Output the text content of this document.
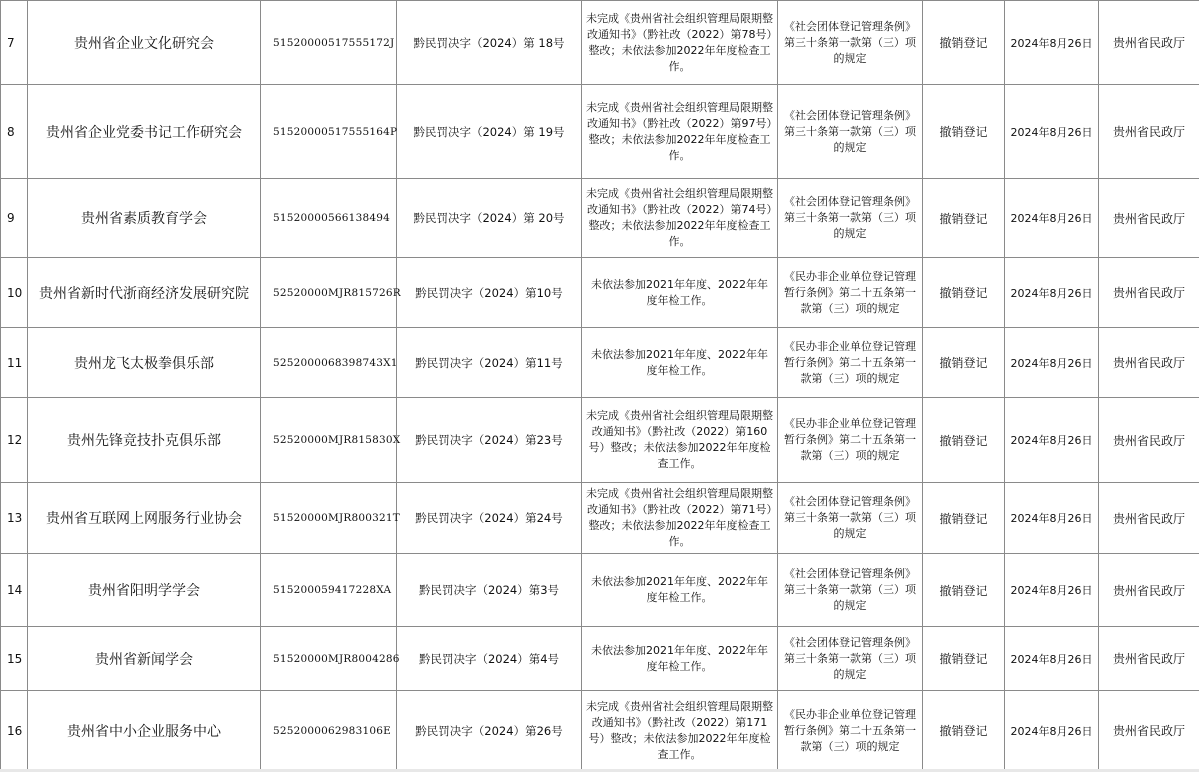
7	贵州省企业文化研究会	51520000517555172J	黔民罚决字（2024）第 18号	未完成《贵州省社会组织管理局限期整改通知书》（黔社改（2022）第78号）整改；未依法参加2022年年度检查工作。	《社会团体登记管理条例》第三十条第一款第（三）项的规定	撤销登记	2024年8月26日	贵州省民政厅
8	贵州省企业党委书记工作研究会	51520000517555164P	黔民罚决字（2024）第 19号	未完成《贵州省社会组织管理局限期整改通知书》（黔社改（2022）第97号）整改；未依法参加2022年年度检查工作。	《社会团体登记管理条例》第三十条第一款第（三）项的规定	撤销登记	2024年8月26日	贵州省民政厅
9	贵州省素质教育学会	51520000566138494	黔民罚决字（2024）第 20号	未完成《贵州省社会组织管理局限期整改通知书》（黔社改（2022）第74号）整改；未依法参加2022年年度检查工作。	《社会团体登记管理条例》第三十条第一款第（三）项的规定	撤销登记	2024年8月26日	贵州省民政厅
10	贵州省新时代浙商经济发展研究院	52520000MJR815726R	黔民罚决字（2024）第10号	未依法参加2021年年度、2022年年度年检工作。	《民办非企业单位登记管理暂行条例》第二十五条第一款第（三）项的规定	撤销登记	2024年8月26日	贵州省民政厅
11	贵州龙飞太极拳俱乐部	5252000068398743X1	黔民罚决字（2024）第11号	未依法参加2021年年度、2022年年度年检工作。	《民办非企业单位登记管理暂行条例》第二十五条第一款第（三）项的规定	撤销登记	2024年8月26日	贵州省民政厅
12	贵州先锋竞技扑克俱乐部	52520000MJR815830X	黔民罚决字（2024）第23号	未完成《贵州省社会组织管理局限期整改通知书》（黔社改（2022）第160号）整改；未依法参加2022年年度检查工作。	《民办非企业单位登记管理暂行条例》第二十五条第一款第（三）项的规定	撤销登记	2024年8月26日	贵州省民政厅
13	贵州省互联网上网服务行业协会	51520000MJR800321T	黔民罚决字（2024）第24号	未完成《贵州省社会组织管理局限期整改通知书》（黔社改（2022）第71号）整改；未依法参加2022年年度检查工作。	《社会团体登记管理条例》第三十条第一款第（三）项的规定	撤销登记	2024年8月26日	贵州省民政厅
14	贵州省阳明学学会	515200059417228XA	黔民罚决字（2024）第3号	未依法参加2021年年度、2022年年度年检工作。	《社会团体登记管理条例》第三十条第一款第（三）项的规定	撤销登记	2024年8月26日	贵州省民政厅
15	贵州省新闻学会	51520000MJR8004286	黔民罚决字（2024）第4号	未依法参加2021年年度、2022年年度年检工作。	《社会团体登记管理条例》第三十条第一款第（三）项的规定	撤销登记	2024年8月26日	贵州省民政厅
16	贵州省中小企业服务中心	5252000062983106E	黔民罚决字（2024）第26号	未完成《贵州省社会组织管理局限期整改通知书》（黔社改（2022）第171号）整改；未依法参加2022年年度检查工作。	《民办非企业单位登记管理暂行条例》第二十五条第一款第（三）项的规定	撤销登记	2024年8月26日	贵州省民政厅
